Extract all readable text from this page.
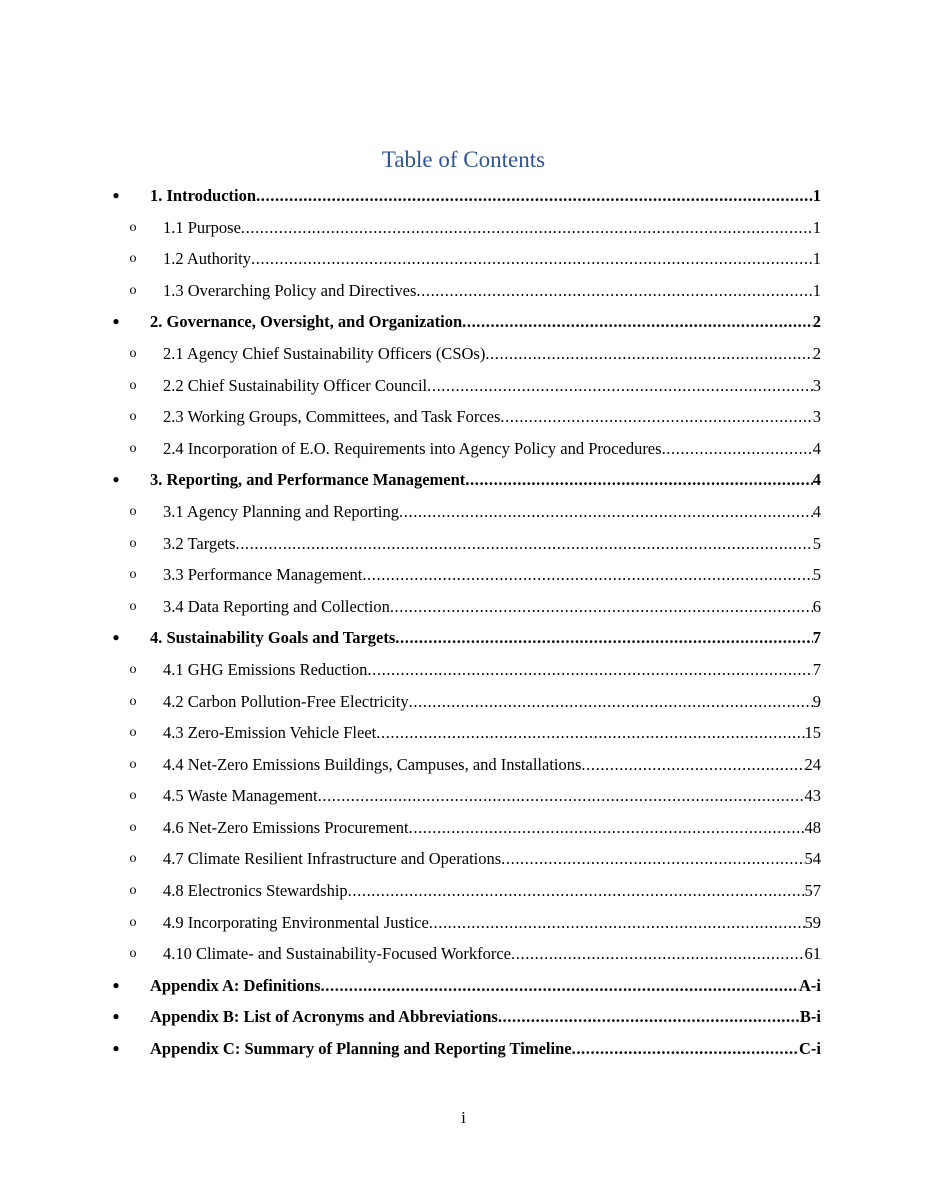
Table of Contents
● 1. Introduction .....	1
o 1.1 Purpose .....	1
o 1.2 Authority .....	1
o 1.3 Overarching Policy and Directives .....	1
● 2. Governance, Oversight, and Organization .....	2
o 2.1 Agency Chief Sustainability Officers (CSOs) .....	2
o 2.2 Chief Sustainability Officer Council .....	3
o 2.3 Working Groups, Committees, and Task Forces .....	3
o 2.4 Incorporation of E.O. Requirements into Agency Policy and Procedures .....	4
● 3. Reporting, and Performance Management .....	4
o 3.1 Agency Planning and Reporting .....	4
o 3.2 Targets .....	5
o 3.3 Performance Management .....	5
o 3.4 Data Reporting and Collection .....	6
● 4. Sustainability Goals and Targets .....	7
o 4.1 GHG Emissions Reduction .....	7
o 4.2 Carbon Pollution-Free Electricity .....	9
o 4.3 Zero-Emission Vehicle Fleet .....	15
o 4.4 Net-Zero Emissions Buildings, Campuses, and Installations .....	24
o 4.5 Waste Management .....	43
o 4.6 Net-Zero Emissions Procurement .....	48
o 4.7 Climate Resilient Infrastructure and Operations .....	54
o 4.8 Electronics Stewardship .....	57
o 4.9 Incorporating Environmental Justice .....	59
o 4.10 Climate- and Sustainability-Focused Workforce .....	61
● Appendix A: Definitions .....	A-i
● Appendix B: List of Acronyms and Abbreviations .....	B-i
● Appendix C: Summary of Planning and Reporting Timeline .....	C-i
i
